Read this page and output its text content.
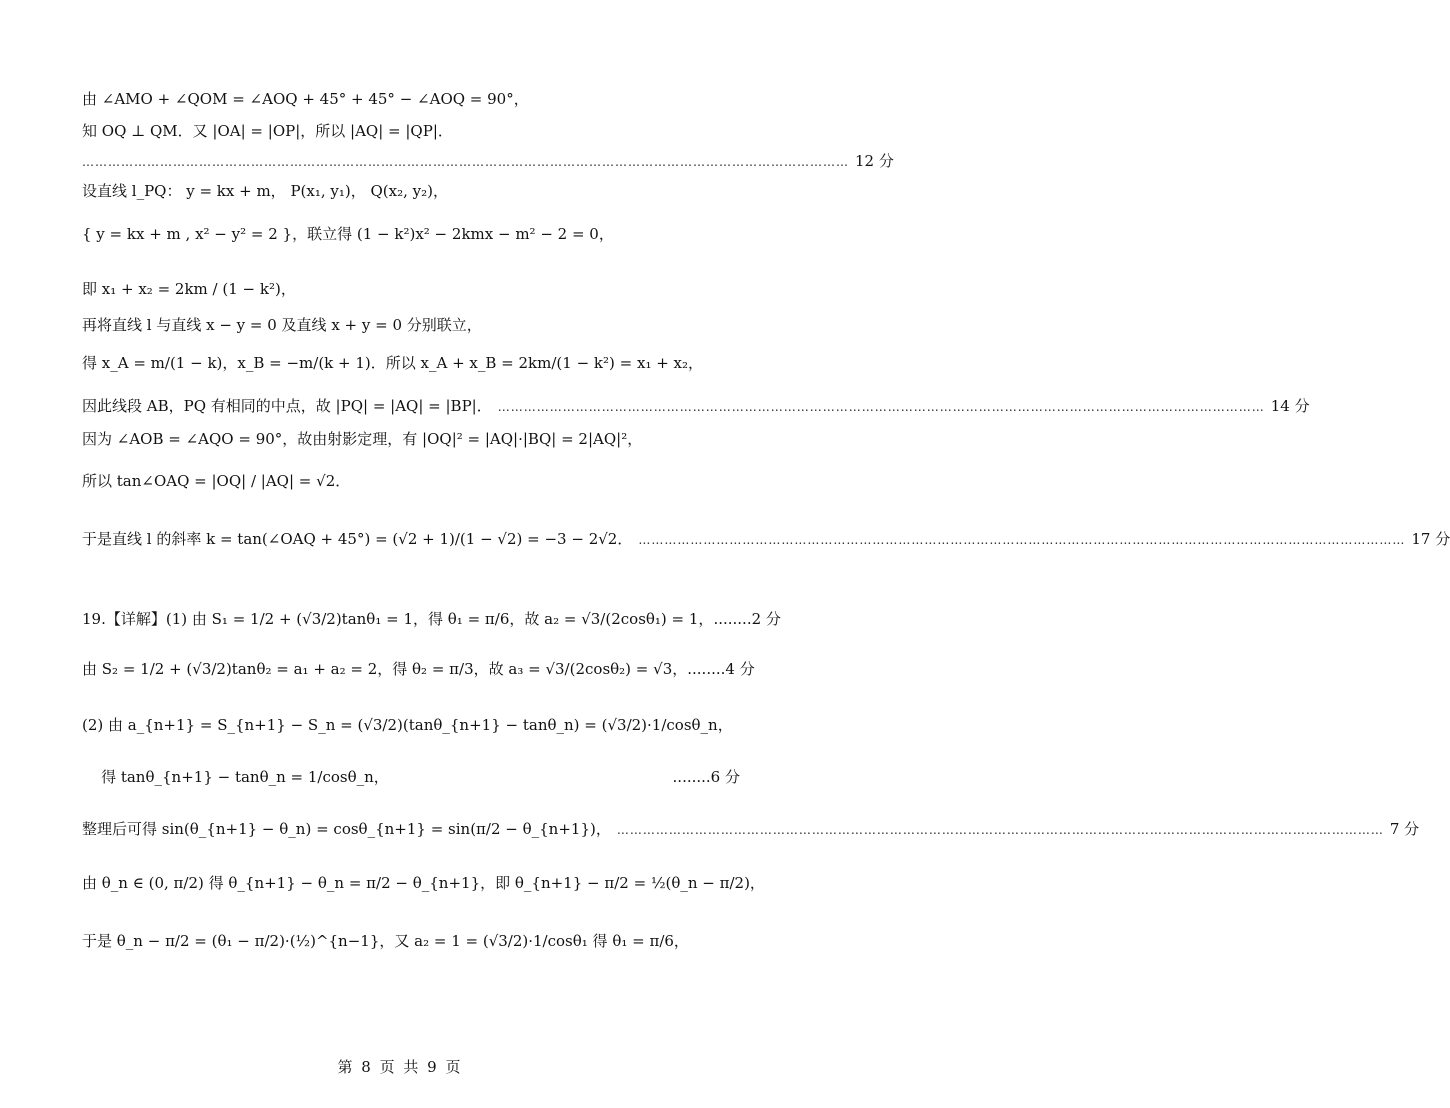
由 ∠AMO + ∠QOM = ∠AOQ + 45° + 45° − ∠AOQ = 90°，
知 OQ ⊥ QM．又 |OA| = |OP|，所以 |AQ| = |QP|．
…………………………………………………………………………………………………………………………………………………………… 12 分
设直线 l_PQ： y = kx + m， P(x₁, y₁)， Q(x₂, y₂)，
{ y = kx + m , x² − y² = 2 }，联立得 (1 − k²)x² − 2kmx − m² − 2 = 0，
即 x₁ + x₂ = 2km / (1 − k²)，
再将直线 l 与直线 x − y = 0 及直线 x + y = 0 分别联立，
得 x_A = m/(1 − k)，x_B = −m/(k + 1)．所以 x_A + x_B = 2km/(1 − k²) = x₁ + x₂，
因此线段 AB，PQ 有相同的中点，故 |PQ| = |AQ| = |BP|． …………………………………………………………………………………………………………………………………………………………… 14 分
因为 ∠AOB = ∠AQO = 90°，故由射影定理，有 |OQ|² = |AQ|·|BQ| = 2|AQ|²，
所以 tan∠OAQ = |OQ| / |AQ| = √2．
于是直线 l 的斜率 k = tan(∠OAQ + 45°) = (√2 + 1)/(1 − √2) = −3 − 2√2． …………………………………………………………………………………………………………………………………………………………… 17 分
19.【详解】(1) 由 S₁ = 1/2 + (√3/2)tanθ₁ = 1，得 θ₁ = π/6，故 a₂ = √3/(2cosθ₁) = 1， ........2 分
由 S₂ = 1/2 + (√3/2)tanθ₂ = a₁ + a₂ = 2，得 θ₂ = π/3，故 a₃ = √3/(2cosθ₂) = √3， ........4 分
(2) 由 a_{n+1} = S_{n+1} − S_n = (√3/2)(tanθ_{n+1} − tanθ_n) = (√3/2)·1/cosθ_n，
得 tanθ_{n+1} − tanθ_n = 1/cosθ_n，	........6 分
整理后可得 sin(θ_{n+1} − θ_n) = cosθ_{n+1} = sin(π/2 − θ_{n+1})， …………………………………………………………………………………………………………………………………………………………… 7 分
由 θ_n ∈ (0, π/2) 得 θ_{n+1} − θ_n = π/2 − θ_{n+1}，即 θ_{n+1} − π/2 = ½(θ_n − π/2)，
于是 θ_n − π/2 = (θ₁ − π/2)·(½)^{n−1}，又 a₂ = 1 = (√3/2)·1/cosθ₁ 得 θ₁ = π/6，
第 8 页 共 9 页
